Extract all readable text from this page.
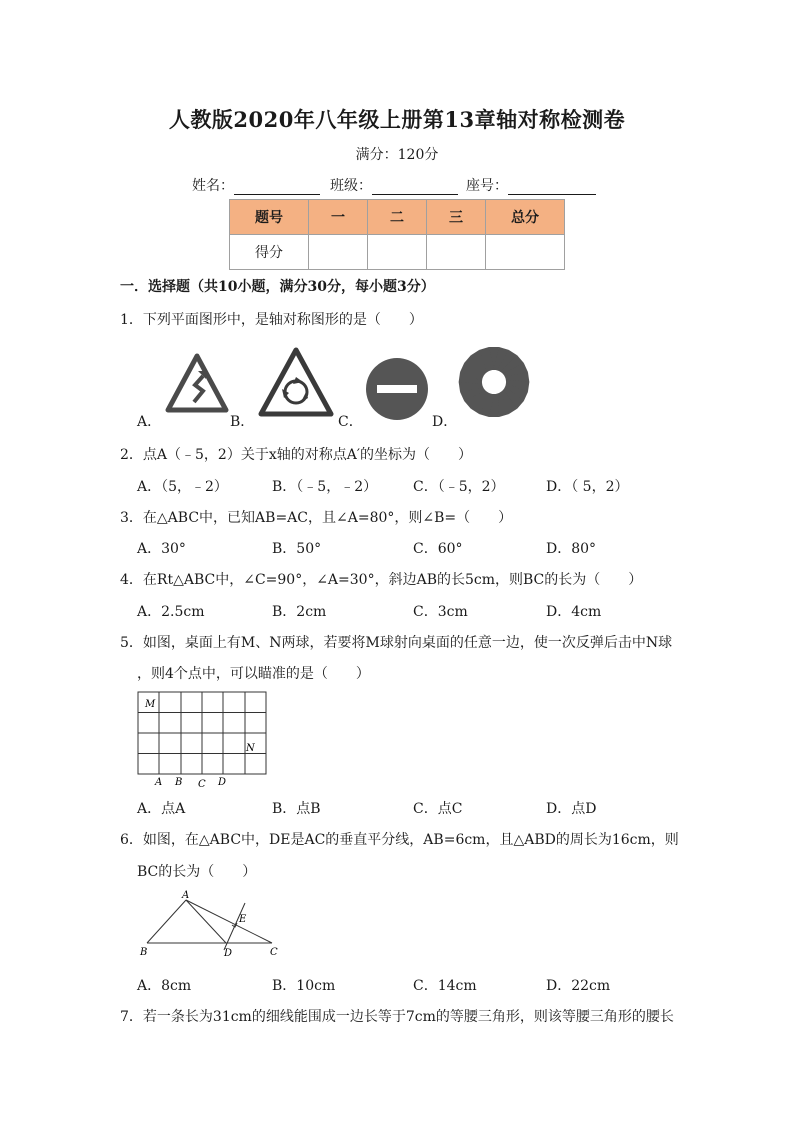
人教版2020年八年级上册第13章轴对称检测卷
满分：120分
姓名：	班级：	座号：
题号	一	二	三	总分
得分				
一．选择题（共10小题，满分30分，每小题3分）
1．下列平面图形中，是轴对称图形的是（　　）
A．	B．	C．	D．
2．点A（﹣5，2）关于x轴的对称点A′的坐标为（　　）
A．（5，﹣2）	B．（﹣5，﹣2）	C．（﹣5，2）	D．（ 5，2）
3．在△ABC中，已知AB=AC，且∠A=80°，则∠B=（　　）
A．30°	B．50°	C．60°	D．80°
4．在Rt△ABC中，∠C=90°，∠A=30°，斜边AB的长5cm，则BC的长为（　　）
A．2.5cm	B．2cm	C．3cm	D．4cm
5．如图，桌面上有M、N两球，若要将M球射向桌面的任意一边，使一次反弹后击中N球
，则4个点中，可以瞄准的是（　　）
M
N
A B C D
A．点A	B．点B	C．点C	D．点D
6．如图，在△ABC中，DE是AC的垂直平分线，AB=6cm，且△ABD的周长为16cm，则
BC的长为（　　）
A
B	C
D
E
A．8cm	B．10cm	C．14cm	D．22cm
7．若一条长为31cm的细线能围成一边长等于7cm的等腰三角形，则该等腰三角形的腰长
